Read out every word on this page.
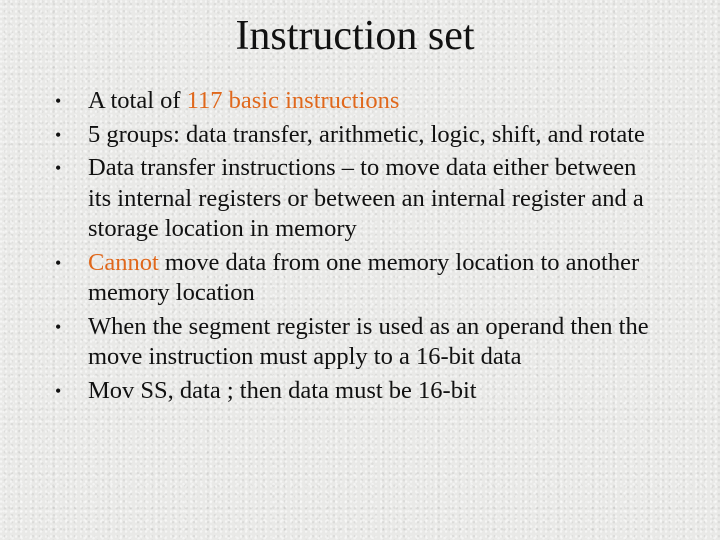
Instruction set
•	A total of 117 basic instructions
•	5 groups: data transfer, arithmetic, logic, shift, and rotate
•	Data transfer instructions – to move data either between its internal registers or between an internal register and a storage location in memory
•	Cannot move data from one memory location to another memory location
•	When the segment register is used as an operand then the move instruction must apply to a 16-bit data
•	Mov SS, data ; then data must be 16-bit
